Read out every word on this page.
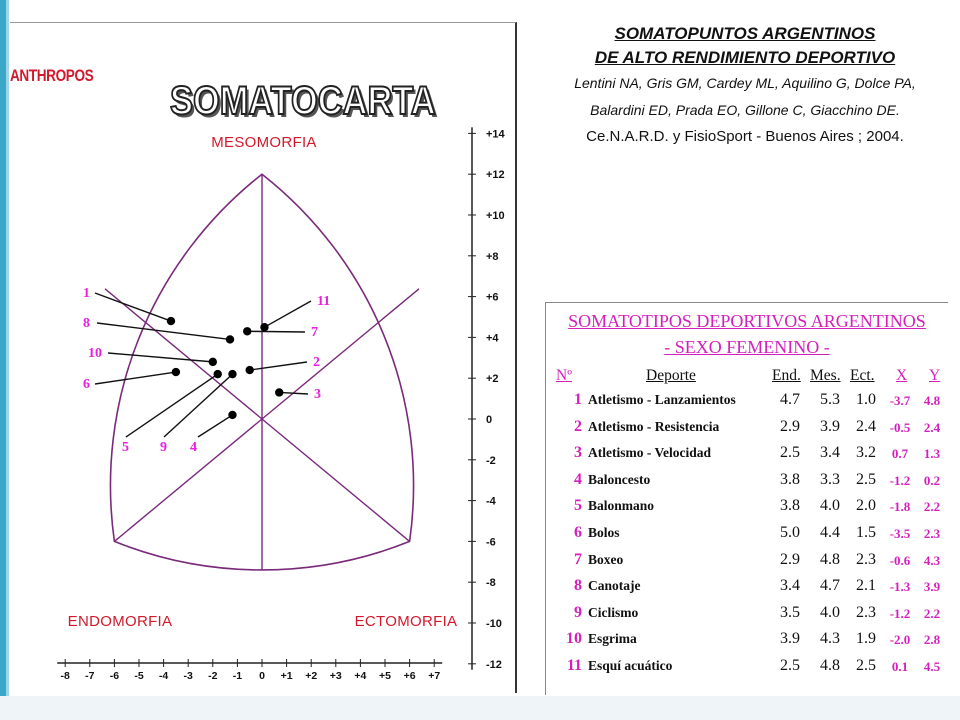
+14
+12
+10
+8
+6
+4
+2
0
-2
-4
-6
-8
-10
-12
-8 -7 -6 -5 -4 -3 -2 -1 0 +1 +2 +3 +4 +5 +6 +7
MESOMORFIA
ENDOMORFIA	ECTOMORFIA
1
2
3
4
5
6
7
8
9
10
11
ANTHROPOS
SOMATOCARTA
SOMATOPUNTOS ARGENTINOS
DE ALTO RENDIMIENTO DEPORTIVO
Lentini NA, Gris GM, Cardey ML, Aquilino G, Dolce PA,
Balardini ED, Prada EO, Gillone C, Giacchino DE.
Ce.N.A.R.D. y FisioSport - Buenos Aires ; 2004.
SOMATOTIPOS DEPORTIVOS ARGENTINOS
- SEXO FEMENINO -
Nº	Deporte	End. Mes. Ect. X Y
1 Atletismo - Lanzamientos	4.7	5.3	1.0	-3.7	4.8
2 Atletismo - Resistencia	2.9	3.9	2.4	-0.5	2.4
3 Atletismo - Velocidad	2.5	3.4	3.2	0.7	1.3
4 Baloncesto	3.8	3.3	2.5	-1.2	0.2
5 Balonmano	3.8	4.0	2.0	-1.8	2.2
6 Bolos	5.0	4.4	1.5	-3.5	2.3
7 Boxeo	2.9	4.8	2.3	-0.6	4.3
8 Canotaje	3.4	4.7	2.1	-1.3	3.9
9 Ciclismo	3.5	4.0	2.3	-1.2	2.2
10 Esgrima	3.9	4.3	1.9	-2.0	2.8
11 Esquí acuático	2.5	4.8	2.5	0.1	4.5
